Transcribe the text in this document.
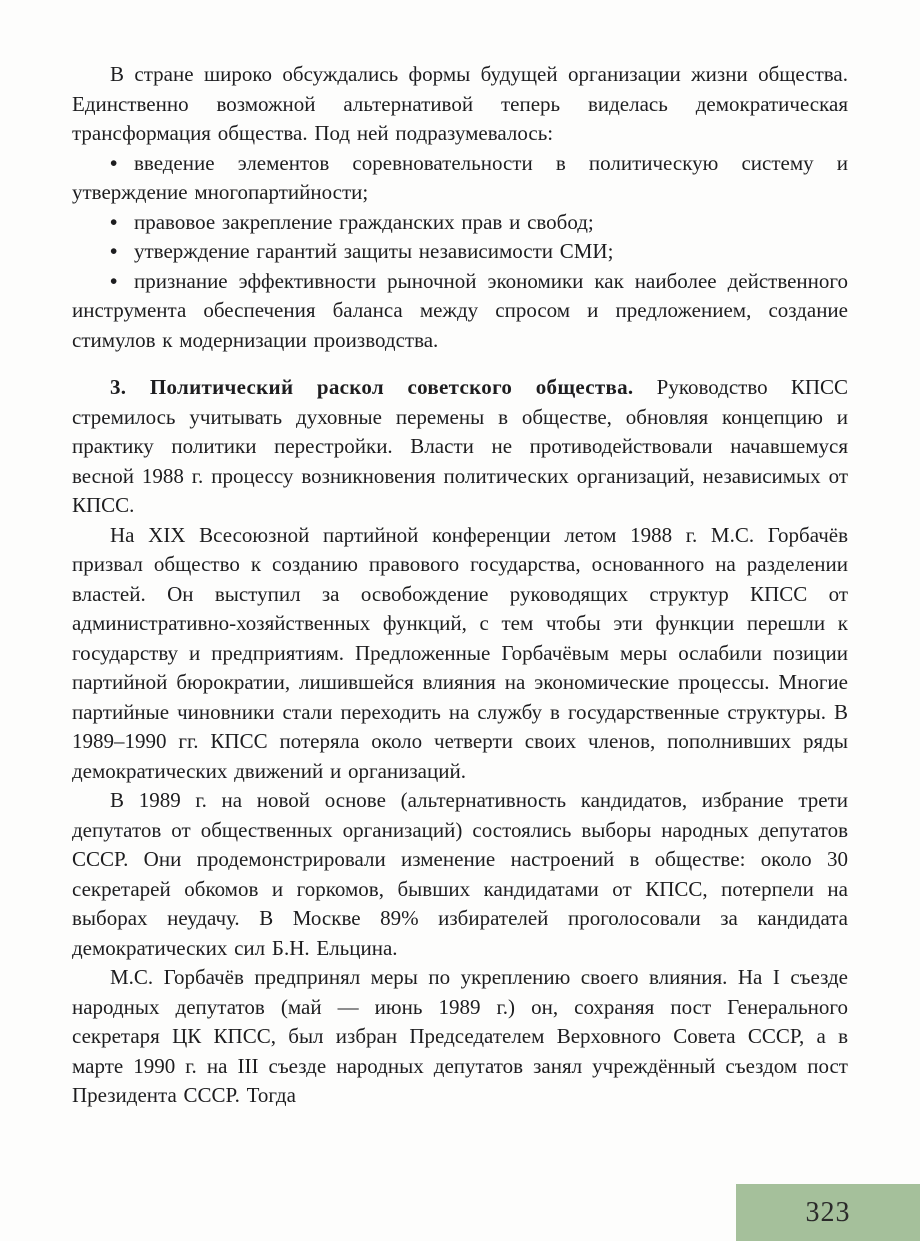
В стране широко обсуждались формы будущей организации жизни общества. Единственно возможной альтернативой теперь виделась демократическая трансформация общества. Под ней подразумевалось:

• введение элементов соревновательности в политическую систему и утверждение многопартийности;

• правовое закрепление гражданских прав и свобод;

• утверждение гарантий защиты независимости СМИ;

• признание эффективности рыночной экономики как наиболее действенного инструмента обеспечения баланса между спросом и предложением, создание стимулов к модернизации производства.

3. Политический раскол советского общества. Руководство КПСС стремилось учитывать духовные перемены в обществе, обновляя концепцию и практику политики перестройки. Власти не противодействовали начавшемуся весной 1988 г. процессу возникновения политических организаций, независимых от КПСС.

На XIX Всесоюзной партийной конференции летом 1988 г. М.С. Горбачёв призвал общество к созданию правового государства, основанного на разделении властей. Он выступил за освобождение руководящих структур КПСС от административно-хозяйственных функций, с тем чтобы эти функции перешли к государству и предприятиям. Предложенные Горбачёвым меры ослабили позиции партийной бюрократии, лишившейся влияния на экономические процессы. Многие партийные чиновники стали переходить на службу в государственные структуры. В 1989–1990 гг. КПСС потеряла около четверти своих членов, пополнивших ряды демократических движений и организаций.

В 1989 г. на новой основе (альтернативность кандидатов, избрание трети депутатов от общественных организаций) состоялись выборы народных депутатов СССР. Они продемонстрировали изменение настроений в обществе: около 30 секретарей обкомов и горкомов, бывших кандидатами от КПСС, потерпели на выборах неудачу. В Москве 89% избирателей проголосовали за кандидата демократических сил Б.Н. Ельцина.

М.С. Горбачёв предпринял меры по укреплению своего влияния. На I съезде народных депутатов (май — июнь 1989 г.) он, сохраняя пост Генерального секретаря ЦК КПСС, был избран Председателем Верховного Совета СССР, а в марте 1990 г. на III съезде народных депутатов занял учреждённый съездом пост Президента СССР. Тогда

323
